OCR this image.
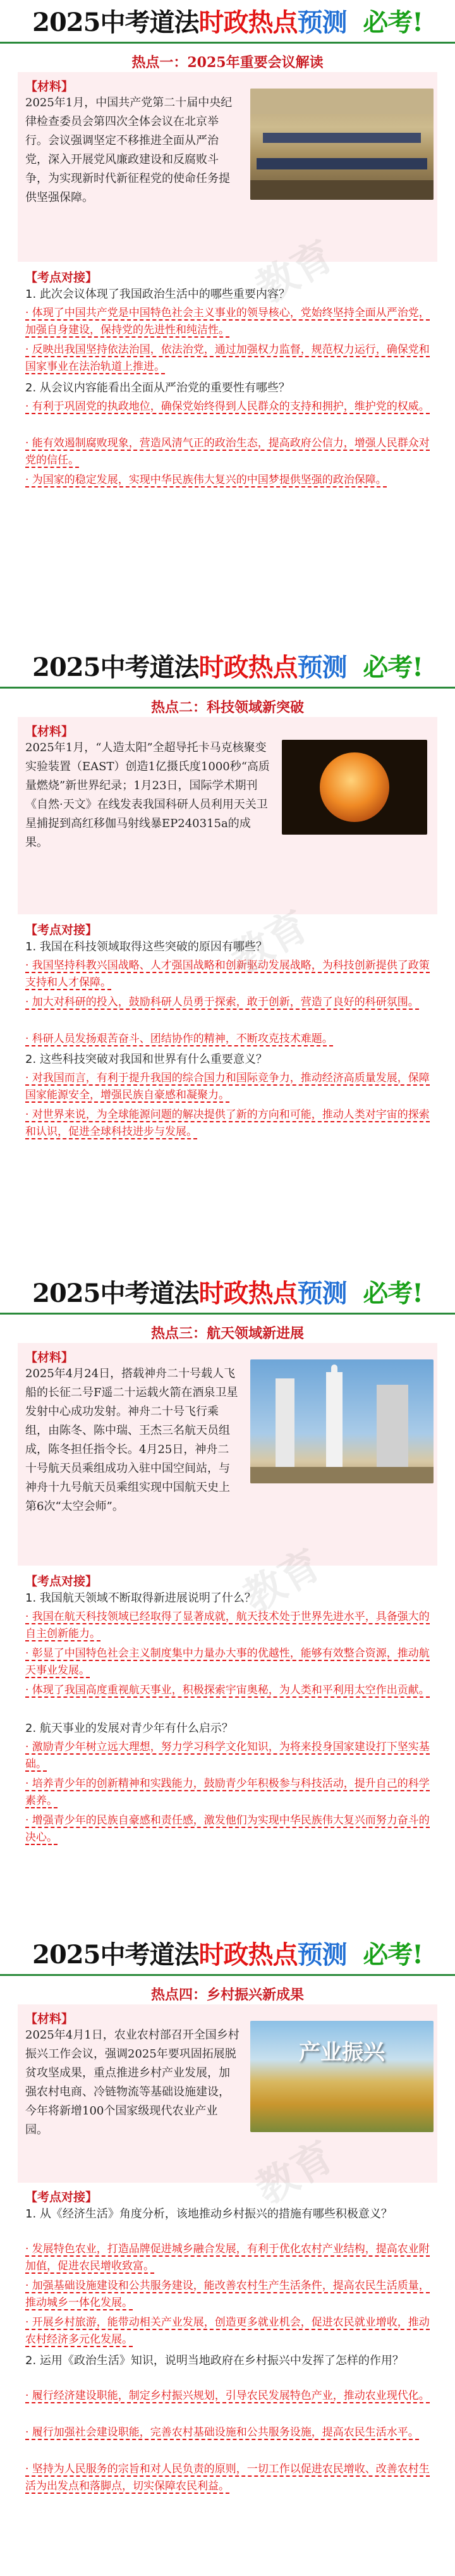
2025中考道法时政热点预测 必考!
热点一：2025年重要会议解读
【材料】
2025年1月，中国共产党第二十届中央纪律检查委员会第四次全体会议在北京举行。会议强调坚定不移推进全面从严治党，深入开展党风廉政建设和反腐败斗争，为实现新时代新征程党的使命任务提供坚强保障。
【考点对接】
1. 此次会议体现了我国政治生活中的哪些重要内容？
· 体现了中国共产党是中国特色社会主义事业的领导核心，党始终坚持全面从严治党，加强自身建设，保持党的先进性和纯洁性。
· 反映出我国坚持依法治国，依法治党，通过加强权力监督，规范权力运行，确保党和国家事业在法治轨道上推进。
2. 从会议内容能看出全面从严治党的重要性有哪些？
· 有利于巩固党的执政地位，确保党始终得到人民群众的支持和拥护，维护党的权威。
· 能有效遏制腐败现象，营造风清气正的政治生态，提高政府公信力，增强人民群众对党的信任。
· 为国家的稳定发展，实现中华民族伟大复兴的中国梦提供坚强的政治保障。
教育
2025中考道法时政热点预测 必考!
热点二：科技领域新突破
【材料】
2025年1月，“人造太阳”全超导托卡马克核聚变实验装置（EAST）创造1亿摄氏度1000秒“高质量燃烧”新世界纪录；1月23日，国际学术期刊《自然·天文》在线发表我国科研人员利用天关卫星捕捉到高红移伽马射线暴EP240315a的成果。
【考点对接】
1. 我国在科技领域取得这些突破的原因有哪些？
· 我国坚持科教兴国战略、人才强国战略和创新驱动发展战略，为科技创新提供了政策支持和人才保障。
· 加大对科研的投入，鼓励科研人员勇于探索，敢于创新，营造了良好的科研氛围。
· 科研人员发扬艰苦奋斗、团结协作的精神，不断攻克技术难题。
2. 这些科技突破对我国和世界有什么重要意义？
· 对我国而言，有利于提升我国的综合国力和国际竞争力，推动经济高质量发展，保障国家能源安全，增强民族自豪感和凝聚力。
· 对世界来说，为全球能源问题的解决提供了新的方向和可能，推动人类对宇宙的探索和认识，促进全球科技进步与发展。
教育
2025中考道法时政热点预测 必考!
热点三：航天领域新进展
【材料】
2025年4月24日，搭载神舟二十号载人飞船的长征二号F遥二十运载火箭在酒泉卫星发射中心成功发射。神舟二十号飞行乘组，由陈冬、陈中瑞、王杰三名航天员组成，陈冬担任指令长。4月25日，神舟二十号航天员乘组成功入驻中国空间站，与神舟十九号航天员乘组实现中国航天史上第6次“太空会师”。
【考点对接】
1. 我国航天领域不断取得新进展说明了什么？
· 我国在航天科技领域已经取得了显著成就，航天技术处于世界先进水平，具备强大的自主创新能力。
· 彰显了中国特色社会主义制度集中力量办大事的优越性，能够有效整合资源，推动航天事业发展。
· 体现了我国高度重视航天事业，积极探索宇宙奥秘，为人类和平利用太空作出贡献。
2. 航天事业的发展对青少年有什么启示？
· 激励青少年树立远大理想，努力学习科学文化知识，为将来投身国家建设打下坚实基础。
· 培养青少年的创新精神和实践能力，鼓励青少年积极参与科技活动，提升自己的科学素养。
· 增强青少年的民族自豪感和责任感，激发他们为实现中华民族伟大复兴而努力奋斗的决心。
教育
2025中考道法时政热点预测 必考!
热点四：乡村振兴新成果
【材料】
2025年4月1日，农业农村部召开全国乡村振兴工作会议，强调2025年要巩固拓展脱贫攻坚成果，重点推进乡村产业发展，加强农村电商、冷链物流等基础设施建设，今年将新增100个国家级现代农业产业园。
产业振兴
【考点对接】
1. 从《经济生活》角度分析，该地推动乡村振兴的措施有哪些积极意义？
· 发展特色农业，打造品牌促进城乡融合发展，有利于优化农村产业结构，提高农业附加值，促进农民增收致富。
· 加强基础设施建设和公共服务建设，能改善农村生产生活条件，提高农民生活质量，推动城乡一体化发展。
· 开展乡村旅游，能带动相关产业发展，创造更多就业机会，促进农民就业增收，推动农村经济多元化发展。
2. 运用《政治生活》知识，说明当地政府在乡村振兴中发挥了怎样的作用？
· 履行经济建设职能，制定乡村振兴规划，引导农民发展特色产业，推动农业现代化。
· 履行加强社会建设职能，完善农村基础设施和公共服务设施，提高农民生活水平。
· 坚持为人民服务的宗旨和对人民负责的原则，一切工作以促进农民增收、改善农村生活为出发点和落脚点，切实保障农民利益。
教育
